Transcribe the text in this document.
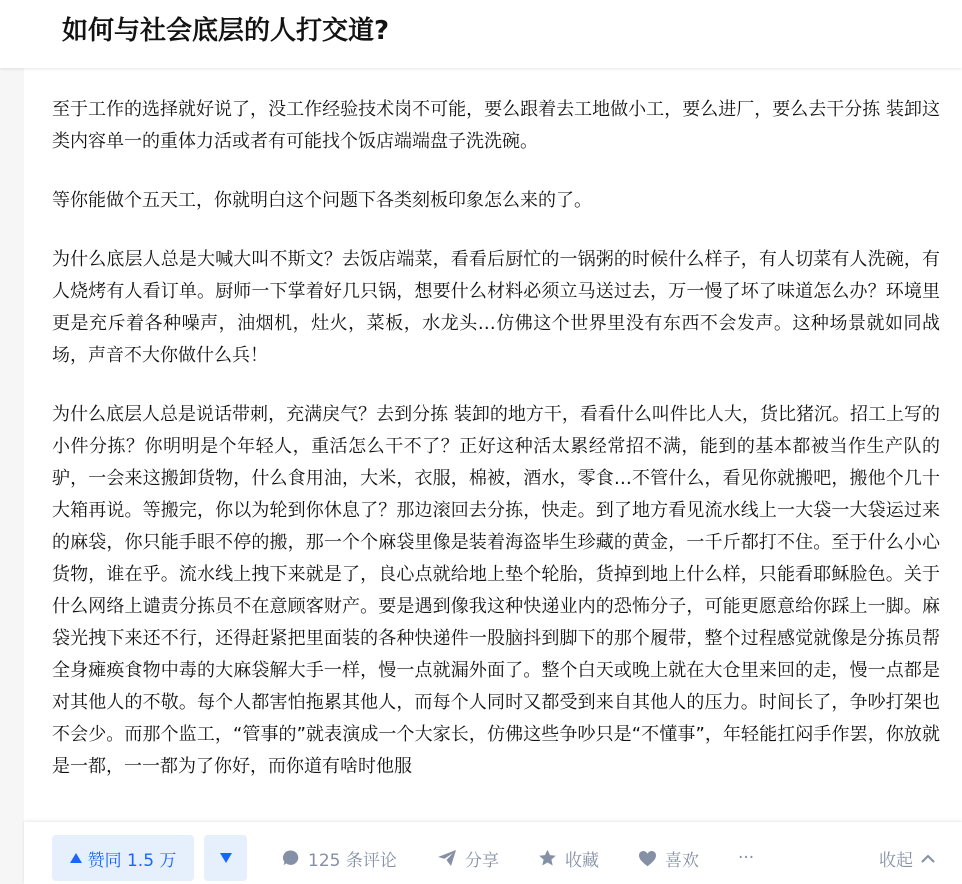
如何与社会底层的人打交道?

至于工作的选择就好说了，没工作经验技术岗不可能，要么跟着去工地做小工，要么进厂，要么去干分拣 装卸这类内容单一的重体力活或者有可能找个饭店端端盘子洗洗碗。

等你能做个五天工，你就明白这个问题下各类刻板印象怎么来的了。

为什么底层人总是大喊大叫不斯文？去饭店端菜，看看后厨忙的一锅粥的时候什么样子，有人切菜有人洗碗，有人烧烤有人看订单。厨师一下掌着好几只锅，想要什么材料必须立马送过去，万一慢了坏了味道怎么办？环境里更是充斥着各种噪声，油烟机，灶火，菜板，水龙头…仿佛这个世界里没有东西不会发声。这种场景就如同战场，声音不大你做什么兵！

为什么底层人总是说话带刺，充满戾气？去到分拣 装卸的地方干，看看什么叫件比人大，货比猪沉。招工上写的小件分拣？你明明是个年轻人，重活怎么干不了？正好这种活太累经常招不满，能到的基本都被当作生产队的驴，一会来这搬卸货物，什么食用油，大米，衣服，棉被，酒水，零食…不管什么，看见你就搬吧，搬他个几十大箱再说。等搬完，你以为轮到你休息了？那边滚回去分拣，快走。到了地方看见流水线上一大袋一大袋运过来的麻袋，你只能手眼不停的搬，那一个个麻袋里像是装着海盗毕生珍藏的黄金，一千斤都打不住。至于什么小心货物，谁在乎。流水线上拽下来就是了，良心点就给地上垫个轮胎，货掉到地上什么样，只能看耶稣脸色。关于什么网络上谴责分拣员不在意顾客财产。要是遇到像我这种快递业内的恐怖分子，可能更愿意给你踩上一脚。麻袋光拽下来还不行，还得赶紧把里面装的各种快递件一股脑抖到脚下的那个履带，整个过程感觉就像是分拣员帮全身瘫痪食物中毒的大麻袋解大手一样，慢一点就漏外面了。整个白天或晚上就在大仓里来回的走，慢一点都是对其他人的不敬。每个人都害怕拖累其他人，而每个人同时又都受到来自其他人的压力。时间长了，争吵打架也不会少。而那个监工，“管事的”就表演成一个大家长，仿佛这些争吵只是“不懂事”，年轻能扛闷手作罢，你放就是一都，一一都为了你好，而你道有啥时他服

赞同 1.5 万	125 条评论	分享	收藏	喜欢 ···	收起
